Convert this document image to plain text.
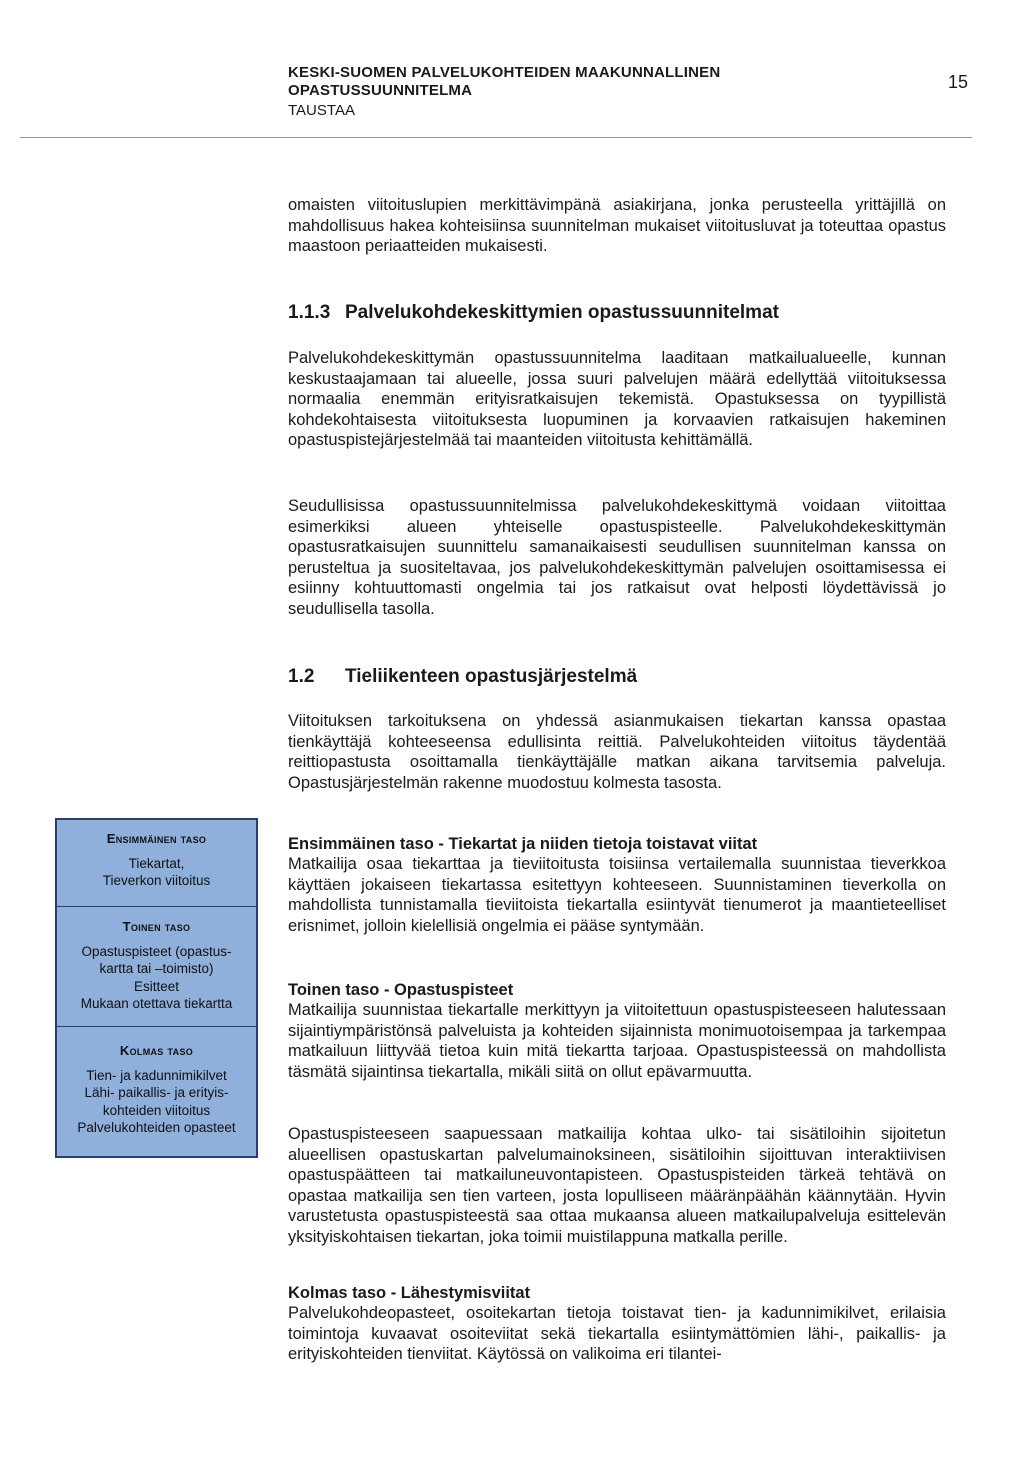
KESKI-SUOMEN PALVELUKOHTEIDEN MAAKUNNALLINEN
OPASTUSSUUNNITELMA
TAUSTAA
15
omaisten viitoituslupien merkittävimpänä asiakirjana, jonka perusteella yrittäjillä on mahdollisuus hakea kohteisiinsa suunnitelman mukaiset viitoitusluvat ja toteuttaa opastus maastoon periaatteiden mukaisesti.
1.1.3 Palvelukohdekeskittymien opastussuunnitelmat
Palvelukohdekeskittymän opastussuunnitelma laaditaan matkailualueelle, kunnan keskustaajamaan tai alueelle, jossa suuri palvelujen määrä edellyttää viitoituksessa normaalia enemmän erityisratkaisujen tekemistä. Opastuksessa on tyypillistä kohdekohtaisesta viitoituksesta luopuminen ja korvaavien ratkaisujen hakeminen opastuspistejärjestelmää tai maanteiden viitoitusta kehittämällä.
Seudullisissa opastussuunnitelmissa palvelukohdekeskittymä voidaan viitoittaa esimerkiksi alueen yhteiselle opastuspisteelle. Palvelukohdekeskittymän opastusratkaisujen suunnittelu samanaikaisesti seudullisen suunnitelman kanssa on perusteltua ja suositeltavaa, jos palvelukohdekeskittymän palvelujen osoittamisessa ei esiinny kohtuuttomasti ongelmia tai jos ratkaisut ovat helposti löydettävissä jo seudullisella tasolla.
1.2 Tieliikenteen opastusjärjestelmä
Viitoituksen tarkoituksena on yhdessä asianmukaisen tiekartan kanssa opastaa tienkäyttäjä kohteeseensa edullisinta reittiä. Palvelukohteiden viitoitus täydentää reittiopastusta osoittamalla tienkäyttäjälle matkan aikana tarvitsemia palveluja. Opastusjärjestelmän rakenne muodostuu kolmesta tasosta.
Ensimmäinen taso - Tiekartat ja niiden tietoja toistavat viitat
Matkailija osaa tiekarttaa ja tieviitoitusta toisiinsa vertailemalla suunnistaa tieverkkoa käyttäen jokaiseen tiekartassa esitettyyn kohteeseen. Suunnistaminen tieverkolla on mahdollista tunnistamalla tieviitoista tiekartalla esiintyvät tienumerot ja maantieteelliset erisnimet, jolloin kielellisiä ongelmia ei pääse syntymään.
Toinen taso - Opastuspisteet
Matkailija suunnistaa tiekartalle merkittyyn ja viitoitettuun opastuspisteeseen halutessaan sijaintiympäristönsä palveluista ja kohteiden sijainnista monimuotoisempaa ja tarkempaa matkailuun liittyvää tietoa kuin mitä tiekartta tarjoaa. Opastuspisteessä on mahdollista täsmätä sijaintinsa tiekartalla, mikäli siitä on ollut epävarmuutta.
Opastuspisteeseen saapuessaan matkailija kohtaa ulko- tai sisätiloihin sijoitetun alueellisen opastuskartan palvelumainoksineen, sisätiloihin sijoittuvan interaktiivisen opastuspäätteen tai matkailuneuvontapisteen. Opastuspisteiden tärkeä tehtävä on opastaa matkailija sen tien varteen, josta lopulliseen määränpäähän käännytään. Hyvin varustetusta opastuspisteestä saa ottaa mukaansa alueen matkailupalveluja esittelevän yksityiskohtaisen tiekartan, joka toimii muistilappuna matkalla perille.
Kolmas taso - Lähestymisviitat
Palvelukohdeopasteet, osoitekartan tietoja toistavat tien- ja kadunnimikilvet, erilaisia toimintoja kuvaavat osoiteviitat sekä tiekartalla esiintymättömien lähi-, paikallis- ja erityiskohteiden tienviitat. Käytössä on valikoima eri tilantei-
Ensimmäinen taso
Tiekartat,
Tieverkon viitoitus
Toinen taso
Opastuspisteet (opastus-
kartta tai –toimisto)
Esitteet
Mukaan otettava tiekartta
Kolmas taso
Tien- ja kadunnimikilvet
Lähi- paikallis- ja erityis-
kohteiden viitoitus
Palvelukohteiden opasteet
